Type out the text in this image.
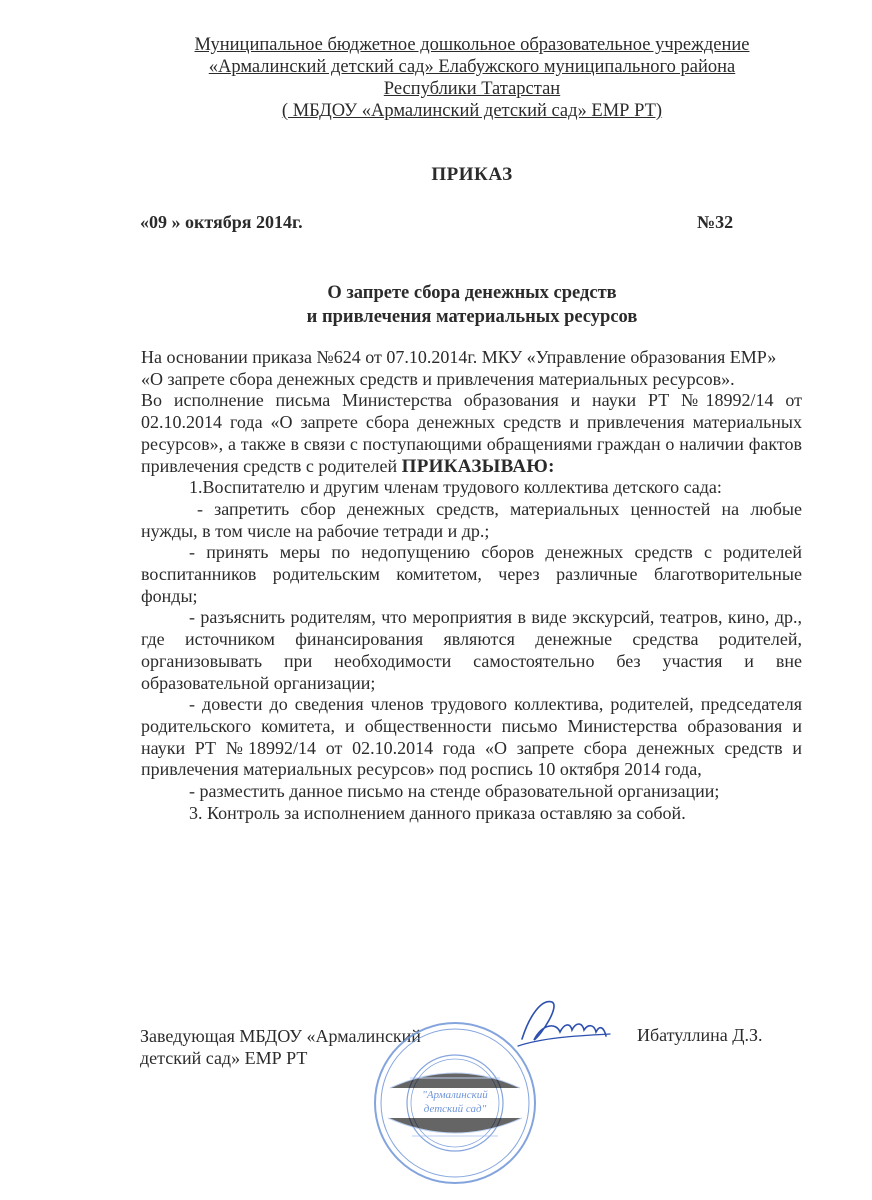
Муниципальное бюджетное дошкольное образовательное учреждение
«Армалинский детский сад» Елабужского муниципального района
Республики Татарстан
( МБДОУ «Армалинский детский сад» ЕМР РТ)
ПРИКАЗ
«09 » октября 2014г.	№32
О запрете сбора денежных средств
и привлечения материальных ресурсов

На основании приказа №624 от 07.10.2014г. МКУ «Управление образования ЕМР» «О запрете сбора денежных средств и привлечения материальных ресурсов».

Во исполнение письма Министерства образования и науки РТ №18992/14 от 02.10.2014 года «О запрете сбора денежных средств и привлечения материальных ресурсов», а также в связи с поступающими обращениями граждан о наличии фактов привлечения средств с родителей ПРИКАЗЫВАЮ:

1.Воспитателю и другим членам трудового коллектива детского сада:

- запретить сбор денежных средств, материальных ценностей на любые нужды, в том числе на рабочие тетради и др.;

- принять меры по недопущению сборов денежных средств с родителей воспитанников родительским комитетом, через различные благотворительные фонды;

- разъяснить родителям, что мероприятия в виде экскурсий, театров, кино, др., где источником финансирования являются денежные средства родителей, организовывать при необходимости самостоятельно без участия и вне образовательной организации;

- довести до сведения членов трудового коллектива, родителей, председателя родительского комитета, и общественности письмо Министерства образования и науки РТ №18992/14 от 02.10.2014 года «О запрете сбора денежных средств и привлечения материальных ресурсов» под роспись 10 октября 2014 года,

- разместить данное письмо на стенде образовательной организации;

3. Контроль за исполнением данного приказа оставляю за собой.

Заведующая МБДОУ «Армалинский детский сад» ЕМР РТ
Ибатуллина Д.З.
"Армалинский
детский сад"
